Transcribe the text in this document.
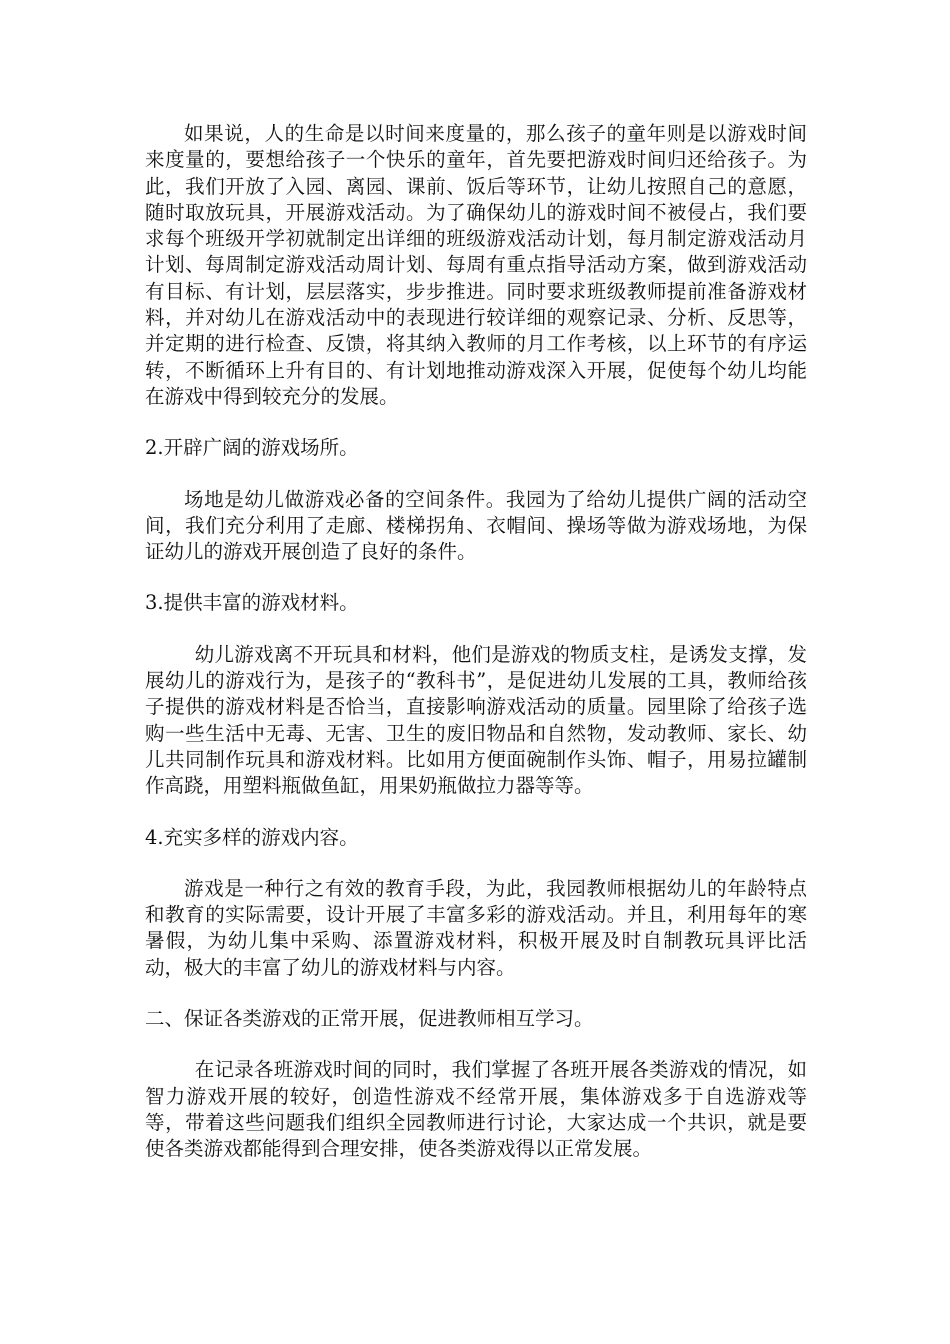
如果说，人的生命是以时间来度量的，那么孩子的童年则是以游戏时间来度量的，要想给孩子一个快乐的童年，首先要把游戏时间归还给孩子。为此，我们开放了入园、离园、课前、饭后等环节，让幼儿按照自己的意愿，随时取放玩具，开展游戏活动。为了确保幼儿的游戏时间不被侵占，我们要求每个班级开学初就制定出详细的班级游戏活动计划，每月制定游戏活动月计划、每周制定游戏活动周计划、每周有重点指导活动方案，做到游戏活动有目标、有计划，层层落实，步步推进。同时要求班级教师提前准备游戏材料，并对幼儿在游戏活动中的表现进行较详细的观察记录、分析、反思等，并定期的进行检查、反馈，将其纳入教师的月工作考核，以上环节的有序运转，不断循环上升有目的、有计划地推动游戏深入开展，促使每个幼儿均能在游戏中得到较充分的发展。

2.开辟广阔的游戏场所。

场地是幼儿做游戏必备的空间条件。我园为了给幼儿提供广阔的活动空间，我们充分利用了走廊、楼梯拐角、衣帽间、操场等做为游戏场地，为保证幼儿的游戏开展创造了良好的条件。

3.提供丰富的游戏材料。

幼儿游戏离不开玩具和材料，他们是游戏的物质支柱，是诱发支撑，发展幼儿的游戏行为，是孩子的“教科书”，是促进幼儿发展的工具，教师给孩子提供的游戏材料是否恰当，直接影响游戏活动的质量。园里除了给孩子选购一些生活中无毒、无害、卫生的废旧物品和自然物，发动教师、家长、幼儿共同制作玩具和游戏材料。比如用方便面碗制作头饰、帽子，用易拉罐制作高跷，用塑料瓶做鱼缸，用果奶瓶做拉力器等等。

4.充实多样的游戏内容。

游戏是一种行之有效的教育手段，为此，我园教师根据幼儿的年龄特点和教育的实际需要，设计开展了丰富多彩的游戏活动。并且，利用每年的寒暑假，为幼儿集中采购、添置游戏材料，积极开展及时自制教玩具评比活动，极大的丰富了幼儿的游戏材料与内容。

二、保证各类游戏的正常开展，促进教师相互学习。

在记录各班游戏时间的同时，我们掌握了各班开展各类游戏的情况，如智力游戏开展的较好，创造性游戏不经常开展，集体游戏多于自选游戏等等，带着这些问题我们组织全园教师进行讨论，大家达成一个共识，就是要使各类游戏都能得到合理安排，使各类游戏得以正常发展。
